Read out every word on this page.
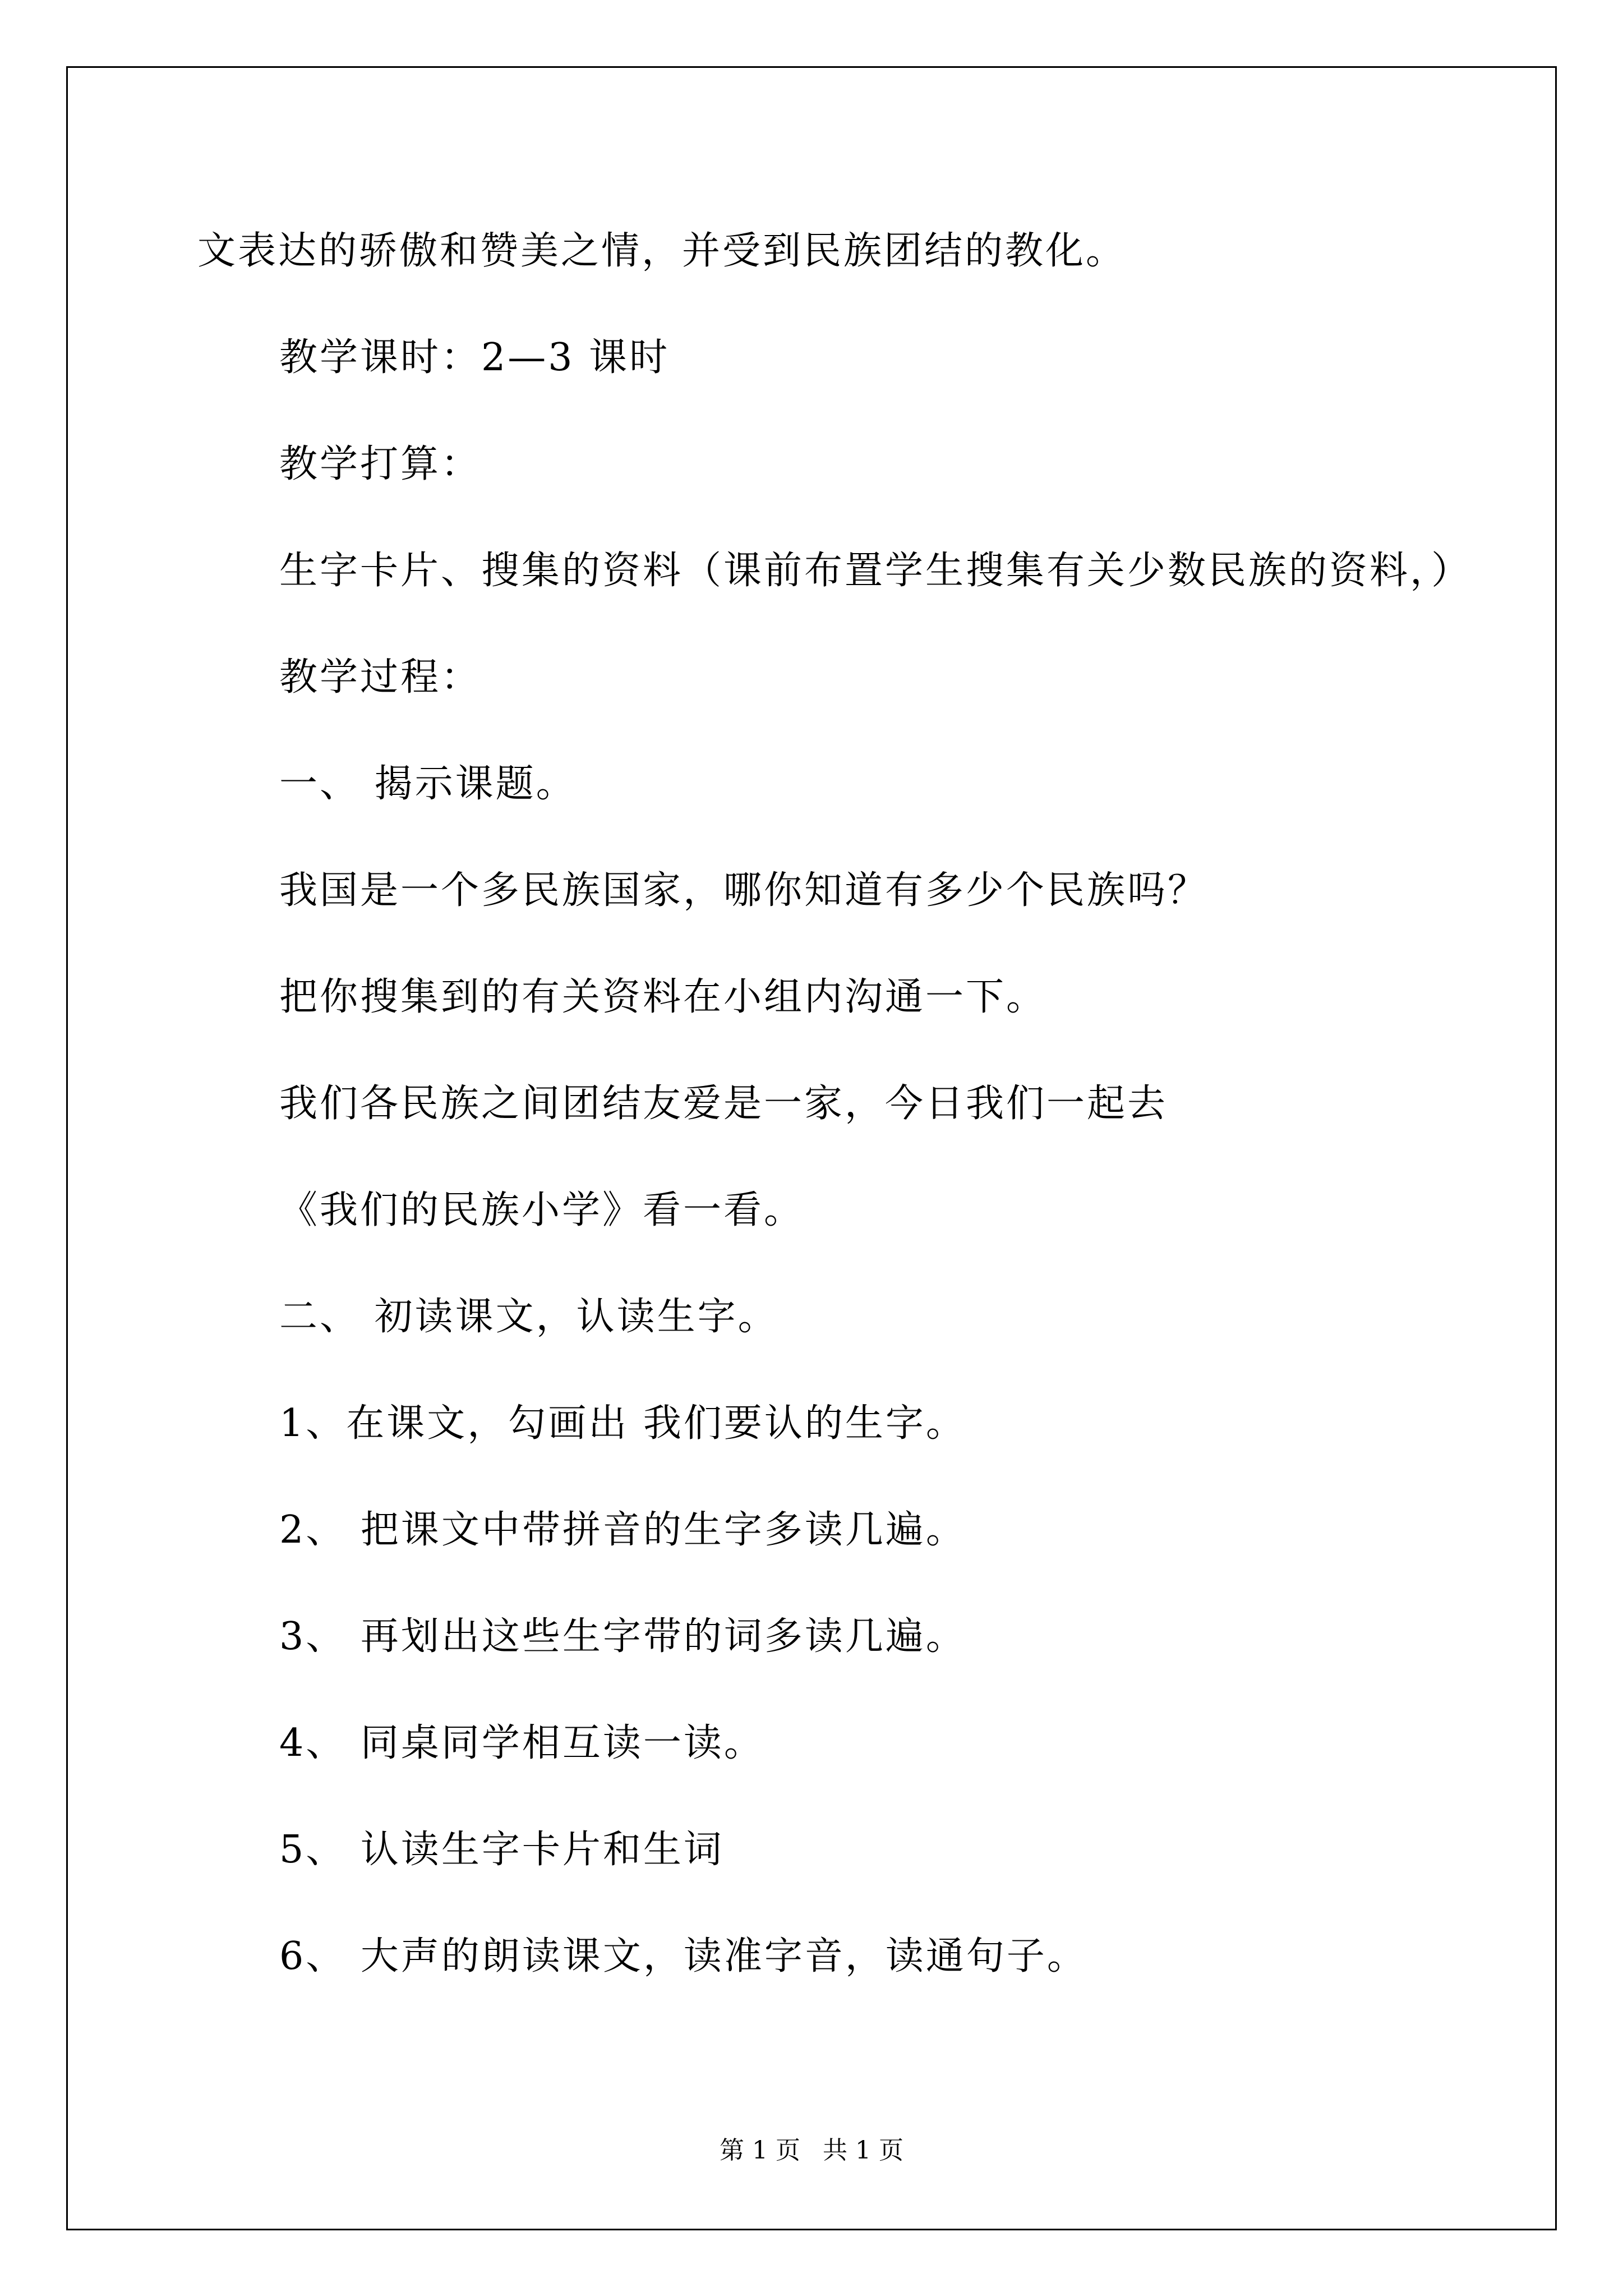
文表达的骄傲和赞美之情，并受到民族团结的教化。
教学课时：2—3 课时
教学打算：
生字卡片、搜集的资料（课前布置学生搜集有关少数民族的资料，）
教学过程：
一、 揭示课题。
我国是一个多民族国家，哪你知道有多少个民族吗？
把你搜集到的有关资料在小组内沟通一下。
我们各民族之间团结友爱是一家，今日我们一起去
《我们的民族小学》看一看。
二、 初读课文，认读生字。
1、在课文，勾画出 我们要认的生字。
2、 把课文中带拼音的生字多读几遍。
3、 再划出这些生字带的词多读几遍。
4、 同桌同学相互读一读。
5、 认读生字卡片和生词
6、 大声的朗读课文，读准字音，读通句子。
第 1 页 共 1 页
